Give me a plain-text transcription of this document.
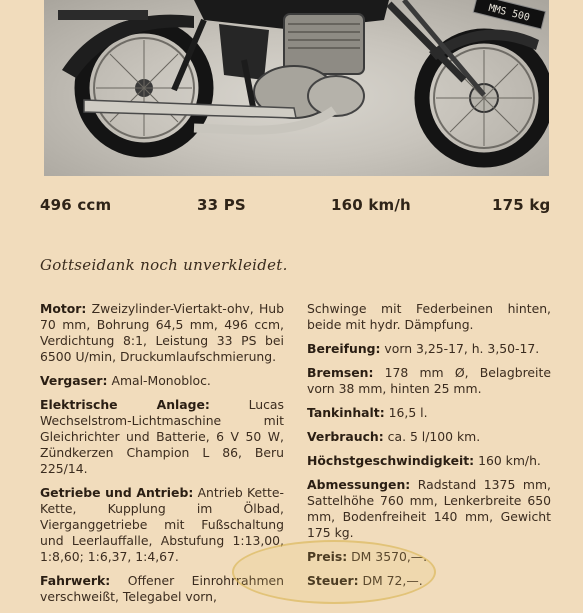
MMS 500
496 ccm	33 PS	160 km/h	175 kg
Gottseidank noch unverkleidet.

Motor: Zweizylinder-Viertakt-ohv, Hub 70 mm, Bohrung 64,5 mm, 496 ccm, Verdichtung 8:1, Leistung 33 PS bei 6500 U/min, Druckumlaufschmierung.

Vergaser: Amal-Monobloc.

Elektrische Anlage:	Lucas Wechselstrom-Lichtmaschine mit Gleichrichter und Batterie, 6 V 50 W, Zündkerzen Champion L 86, Beru 225/14.

Getriebe und Antrieb: Antrieb Kette-Kette, Kupplung im Ölbad, Vierganggetriebe mit Fußschaltung und Leerlauffalle, Abstufung 1:13,00, 1:8,60; 1:6,37, 1:4,67.

Fahrwerk: Offener Einrohrrahmen verschweißt, Telegabel vorn,

Schwinge mit Federbeinen hinten, beide mit hydr. Dämpfung.

Bereifung: vorn 3,25-17, h. 3,50-17.

Bremsen: 178 mm Ø, Belagbreite vorn 38 mm, hinten 25 mm.

Tankinhalt: 16,5 l.

Verbrauch: ca. 5 l/100 km.

Höchstgeschwindigkeit: 160 km/h.

Abmessungen: Radstand 1375 mm, Sattelhöhe 760 mm, Lenkerbreite 650 mm, Bodenfreiheit 140 mm, Gewicht 175 kg.

Preis: DM 3570,—.

Steuer: DM 72,—.
